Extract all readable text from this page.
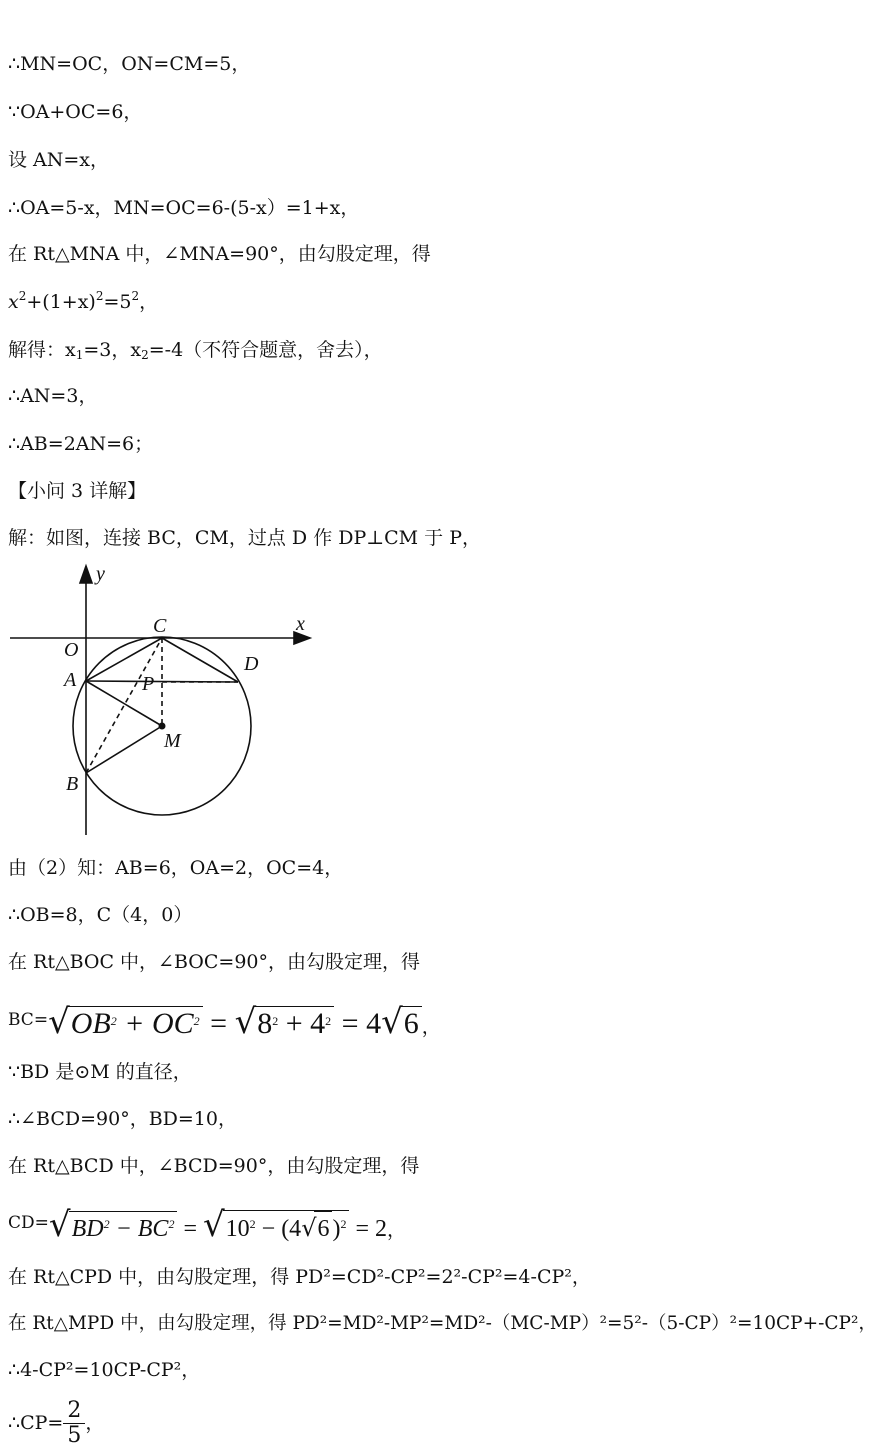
∴MN=OC，ON=CM=5，
∵OA+OC=6，
设 AN=x，
∴OA=5-x，MN=OC=6-(5-x）=1+x，
在 Rt△MNA 中，∠MNA=90°，由勾股定理，得
$x^2+(1+x)^2=5^2$，
解得：$x_1=3$，$x_2=-4$（不符合题意，舍去），
∴AN=3，
∴AB=2AN=6；
【小问 3 详解】
解：如图，连接 BC，CM，过点 D 作 DP⊥CM 于 P，
y
x
O
A
B
C
D
P
M
由（2）知：AB=6，OA=2，OC=4，
∴OB=8，C（4，0）
在 Rt△BOC 中，∠BOC=90°，由勾股定理，得
$BC=√OB^2 + OC^2 = √8^2 + 4^2 = 4√6$ ，
∵BD 是⊙M 的直径，
∴∠BCD=90°，BD=10，
在 Rt△BCD 中，∠BCD=90°，由勾股定理，得
$CD=√BD^2 - BC^2 = √10^2 - (4√6$ )$^2$ = 2，
在 Rt△CPD 中，由勾股定理，得 PD²=CD²-CP²=2²-CP²=4-CP²，
在 Rt△MPD 中，由勾股定理，得 PD²=MD²-MP²=MD²-（MC-MP）²=5²-（5-CP）²=10CP+-CP²，
∴4-CP²=10CP-CP²，
∴CP= $\frac{2}{5}$ ，
